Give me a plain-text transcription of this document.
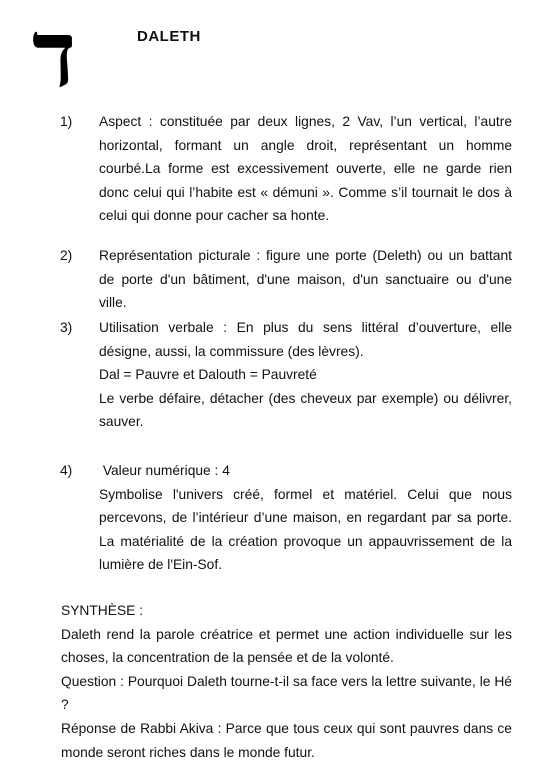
ד	DALETH
1) Aspect : constituée par deux lignes, 2 Vav, l’un vertical, l’autre horizontal, formant un angle droit, représentant un homme courbé.La forme est excessivement ouverte, elle ne garde rien donc celui qui l’habite est « démuni ». Comme s’il tournait le dos à celui qui donne pour cacher sa honte.

2) Représentation picturale : figure une porte (Deleth) ou un battant de porte d'un bâtiment, d'une maison, d'un sanctuaire ou d'une ville.

3) Utilisation verbale : En plus du sens littéral d’ouverture, elle désigne, aussi, la commissure (des lèvres).

Dal = Pauvre et Dalouth = Pauvreté

Le verbe défaire, détacher (des cheveux par exemple) ou délivrer, sauver.

4) Valeur numérique : 4

Symbolise l'univers créé, formel et matériel. Celui que nous percevons, de l’intérieur d’une maison, en regardant par sa porte. La matérialité de la création provoque un appauvrissement de la lumière de l'Ein-Sof.

SYNTHÈSE :

Daleth rend la parole créatrice et permet une action individuelle sur les choses, la concentration de la pensée et de la volonté.

Question : Pourquoi Daleth tourne-t-il sa face vers la lettre suivante, le Hé ?

Réponse de Rabbi Akiva : Parce que tous ceux qui sont pauvres dans ce monde seront riches dans le monde futur.
